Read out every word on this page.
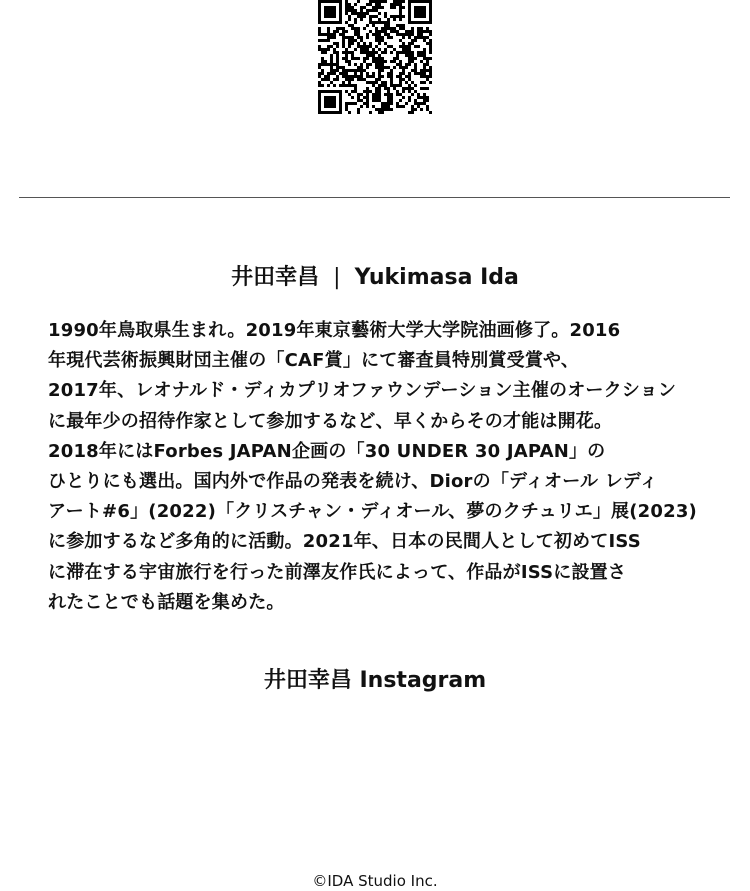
井田幸昌 | Yukimasa Ida
1990年鳥取県生まれ。2019年東京藝術大学大学院油画修了。2016
年現代芸術振興財団主催の「CAF賞」にて審査員特別賞受賞や、
2017年、レオナルド・ディカプリオファウンデーション主催のオークション
に最年少の招待作家として参加するなど、早くからその才能は開花。
2018年にはForbes JAPAN企画の「30 UNDER 30 JAPAN」の
ひとりにも選出。国内外で作品の発表を続け、Diorの「ディオール レディ
アート#6」(2022)「クリスチャン・ディオール、夢のクチュリエ」展(2023)
に参加するなど多角的に活動。2021年、日本の民間人として初めてISS
に滞在する宇宙旅行を行った前澤友作氏によって、作品がISSに設置さ
れたことでも話題を集めた。
井田幸昌 Instagram
©IDA Studio Inc.
